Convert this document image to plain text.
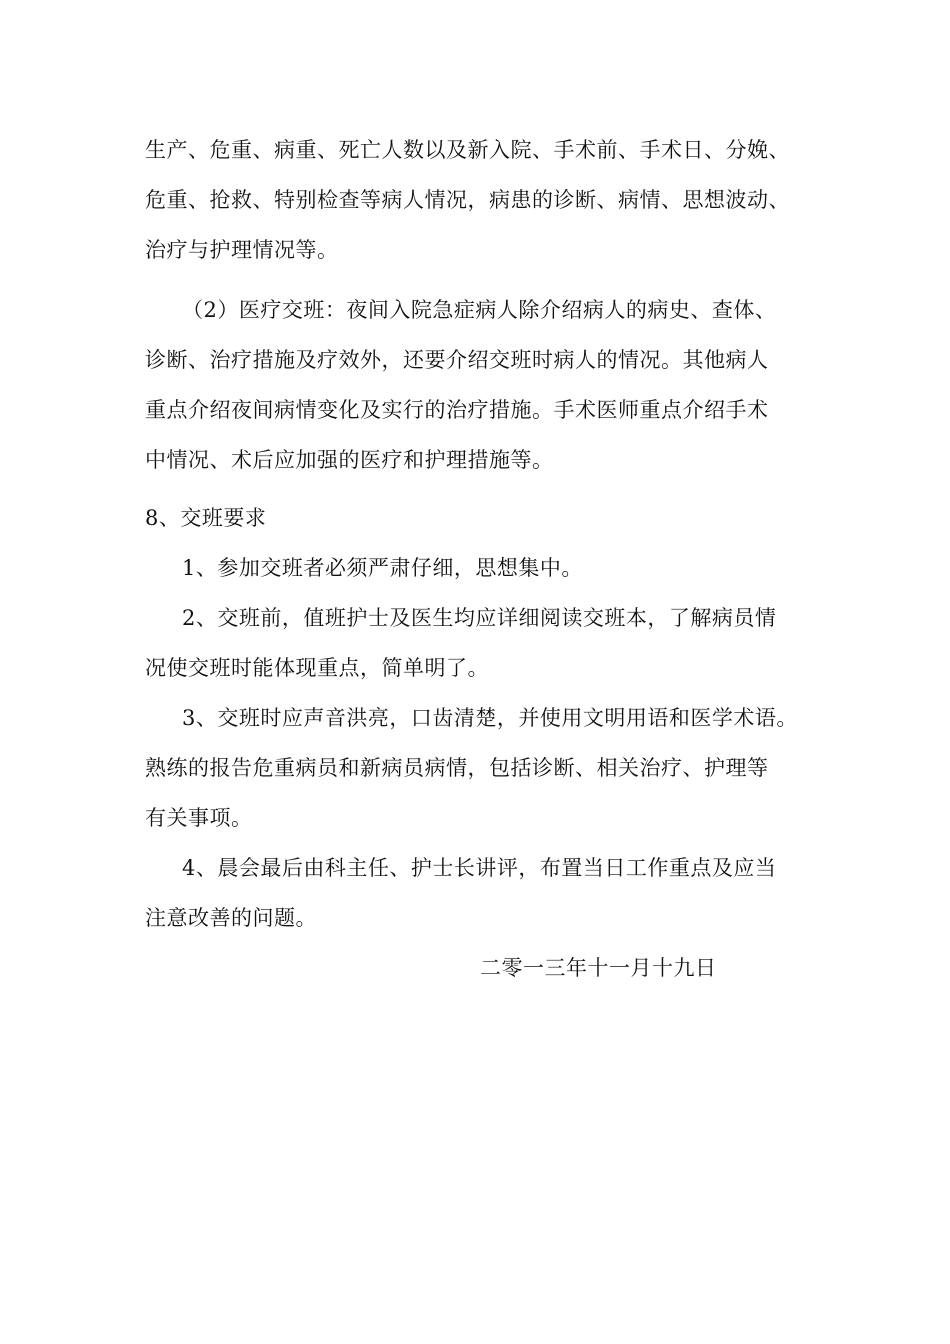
生产、危重、病重、死亡人数以及新入院、手术前、手术日、分娩、
危重、抢救、特别检查等病人情况，病患的诊断、病情、思想波动、
治疗与护理情况等。
（2）医疗交班：夜间入院急症病人除介绍病人的病史、查体、
诊断、治疗措施及疗效外，还要介绍交班时病人的情况。其他病人
重点介绍夜间病情变化及实行的治疗措施。手术医师重点介绍手术
中情况、术后应加强的医疗和护理措施等。
8、交班要求
1、参加交班者必须严肃仔细，思想集中。
2、交班前，值班护士及医生均应详细阅读交班本，了解病员情
况使交班时能体现重点，简单明了。
3、交班时应声音洪亮，口齿清楚，并使用文明用语和医学术语。
熟练的报告危重病员和新病员病情，包括诊断、相关治疗、护理等
有关事项。
4、晨会最后由科主任、护士长讲评，布置当日工作重点及应当
注意改善的问题。
二零一三年十一月十九日
